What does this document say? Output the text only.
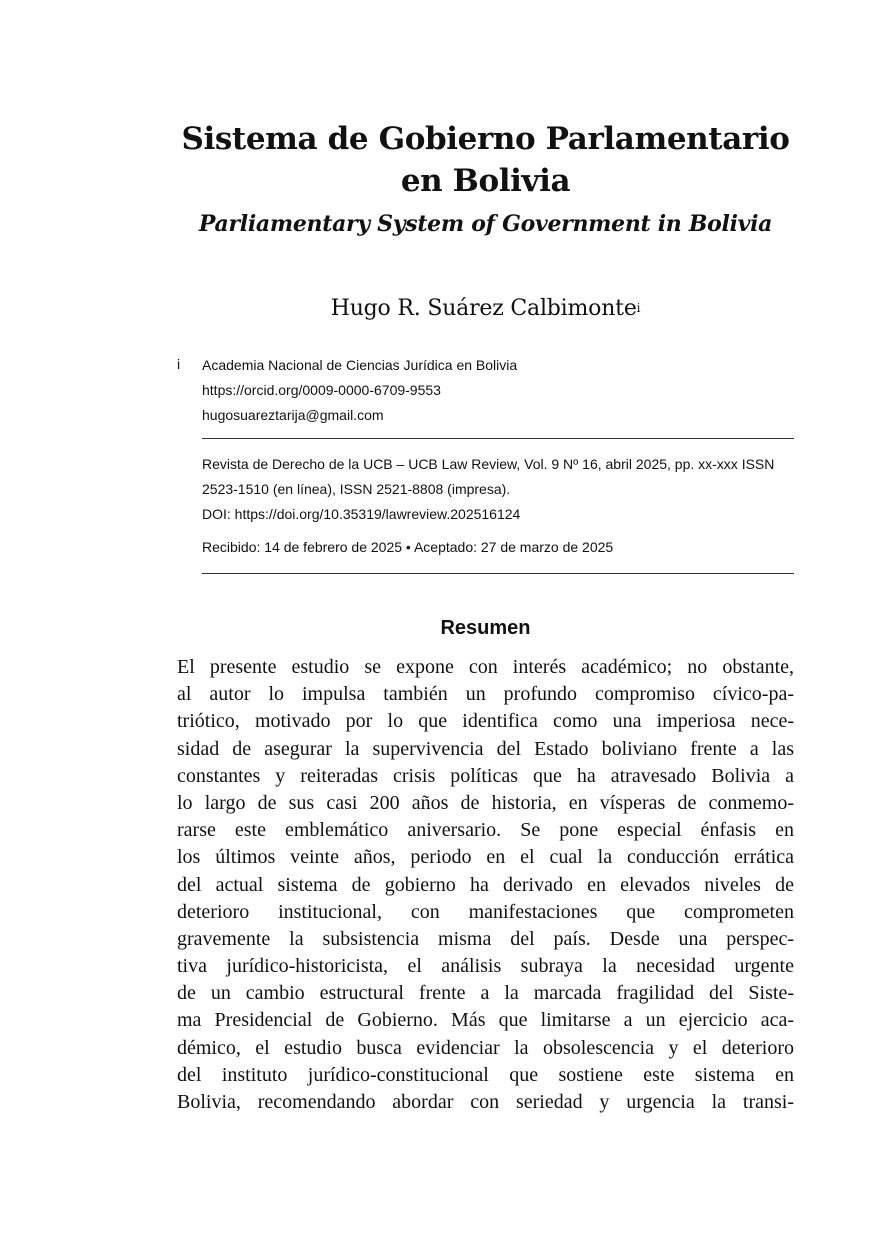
Sistema de Gobierno Parlamentario
en Bolivia
Parliamentary System of Government in Bolivia
Hugo R. Suárez Calbimonte$^i$
i Academia Nacional de Ciencias Jurídica en Bolivia
https://orcid.org/0009-0000-6709-9553
hugosuareztarija@gmail.com

Revista de Derecho de la UCB – UCB Law Review, Vol. 9 Nº 16, abril 2025, pp. xx-xxx ISSN

2523-1510 (en línea), ISSN 2521-8808 (impresa).

DOI: https://doi.org/10.35319/lawreview.202516124

Recibido: 14 de febrero de 2025 • Aceptado: 27 de marzo de 2025
Resumen
El presente estudio se expone con interés académico; no obstante,
al autor lo impulsa también un profundo compromiso cívico-pa-
triótico, motivado por lo que identifica como una imperiosa nece-
sidad de asegurar la supervivencia del Estado boliviano frente a las
constantes y reiteradas crisis políticas que ha atravesado Bolivia a
lo largo de sus casi 200 años de historia, en vísperas de conmemo-
rarse este emblemático aniversario. Se pone especial énfasis en
los últimos veinte años, periodo en el cual la conducción errática
del actual sistema de gobierno ha derivado en elevados niveles de
deterioro institucional, con manifestaciones que comprometen
gravemente la subsistencia misma del país. Desde una perspec-
tiva jurídico-historicista, el análisis subraya la necesidad urgente
de un cambio estructural frente a la marcada fragilidad del Siste-
ma Presidencial de Gobierno. Más que limitarse a un ejercicio aca-
démico, el estudio busca evidenciar la obsolescencia y el deterioro
del instituto jurídico-constitucional que sostiene este sistema en
Bolivia, recomendando abordar con seriedad y urgencia la transi-
